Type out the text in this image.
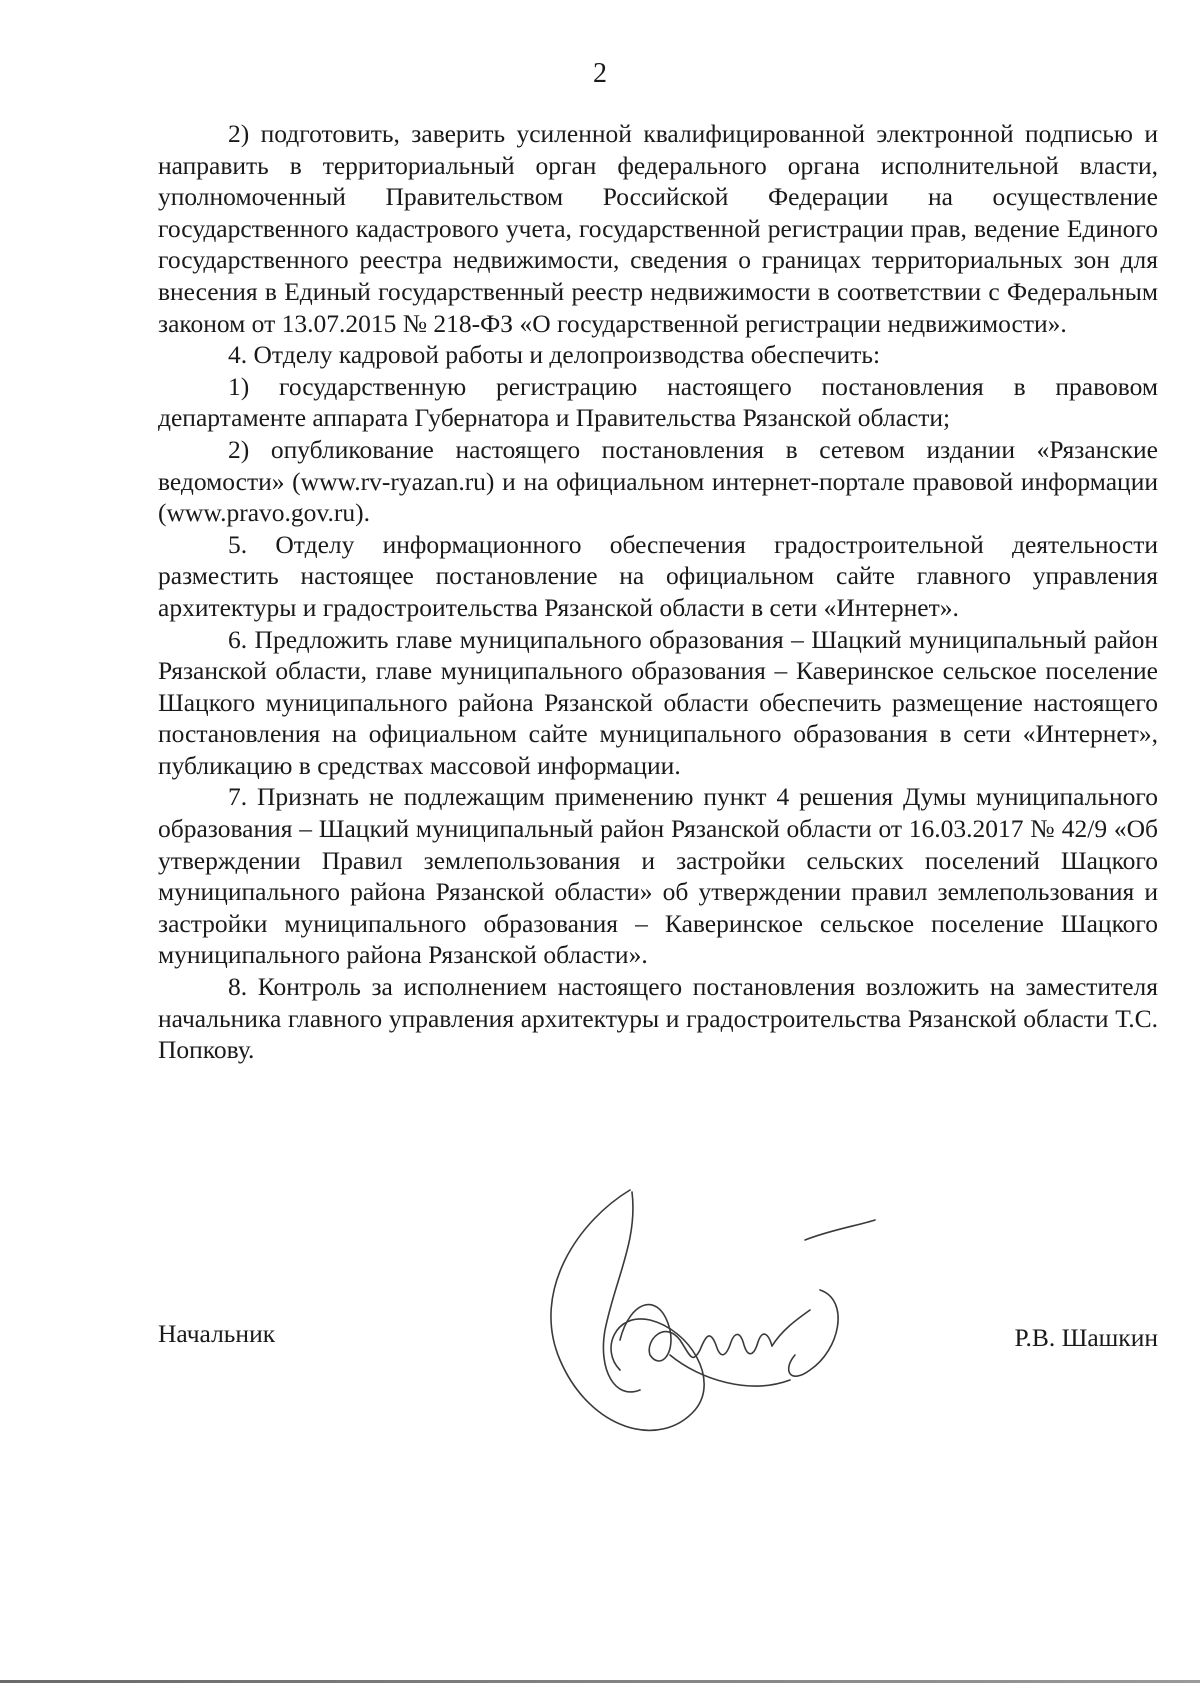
2

2) подготовить, заверить усиленной квалифицированной электронной подписью и направить в территориальный орган федерального органа исполнительной власти, уполномоченный Правительством Российской Федерации на осуществление государственного кадастрового учета, государственной регистрации прав, ведение Единого государственного реестра недвижимости, сведения о границах территориальных зон для внесения в Единый государственный реестр недвижимости в соответствии с Федеральным законом от 13.07.2015 № 218-ФЗ «О государственной регистрации недвижимости».

4. Отделу кадровой работы и делопроизводства обеспечить:

1) государственную регистрацию настоящего постановления в правовом департаменте аппарата Губернатора и Правительства Рязанской области;

2) опубликование настоящего постановления в сетевом издании «Рязанские ведомости» (www.rv-ryazan.ru) и на официальном интернет-портале правовой информации (www.pravo.gov.ru).

5. Отделу информационного обеспечения градостроительной деятельности разместить настоящее постановление на официальном сайте главного управления архитектуры и градостроительства Рязанской области в сети «Интернет».

6. Предложить главе муниципального образования – Шацкий муниципальный район Рязанской области, главе муниципального образования – Каверинское сельское поселение Шацкого муниципального района Рязанской области обеспечить размещение настоящего постановления на официальном сайте муниципального образования в сети «Интернет», публикацию в средствах массовой информации.

7. Признать не подлежащим применению пункт 4 решения Думы муниципального образования – Шацкий муниципальный район Рязанской области от 16.03.2017 № 42/9 «Об утверждении Правил землепользования и застройки сельских поселений Шацкого муниципального района Рязанской области» об утверждении правил землепользования и застройки муниципального образования – Каверинское сельское поселение Шацкого муниципального района Рязанской области».

8. Контроль за исполнением настоящего постановления возложить на заместителя начальника главного управления архитектуры и градостроительства Рязанской области Т.С. Попкову.

Начальник	Р.В. Шашкин
